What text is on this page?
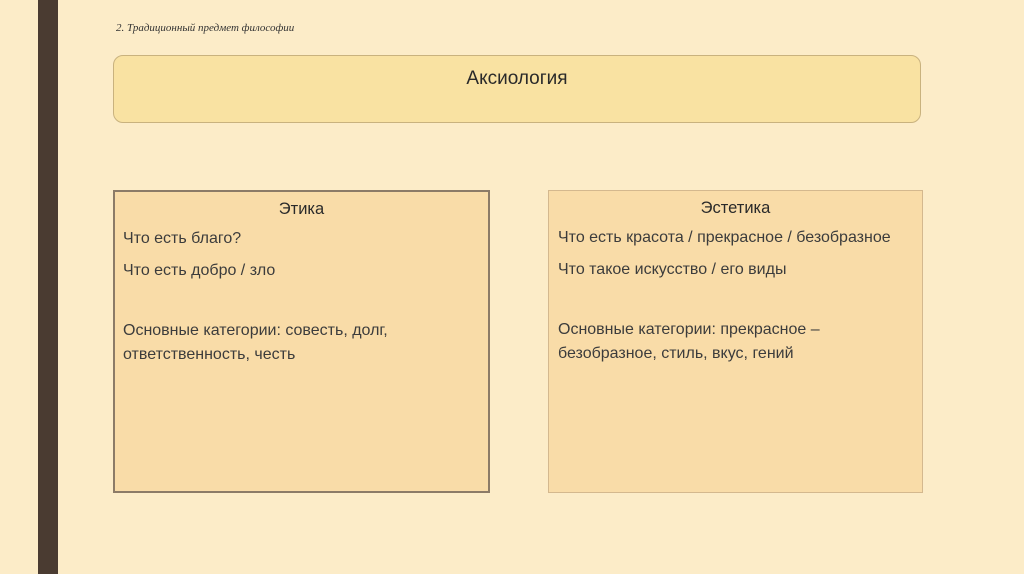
2. Традиционный предмет философии
Аксиология
Этика

Что есть благо?

Что есть добро / зло

Основные категории: совесть, долг, ответственность, честь

Эстетика

Что есть красота / прекрасное / безобразное

Что такое искусство / его виды

Основные категории: прекрасное – безобразное, стиль, вкус, гений
